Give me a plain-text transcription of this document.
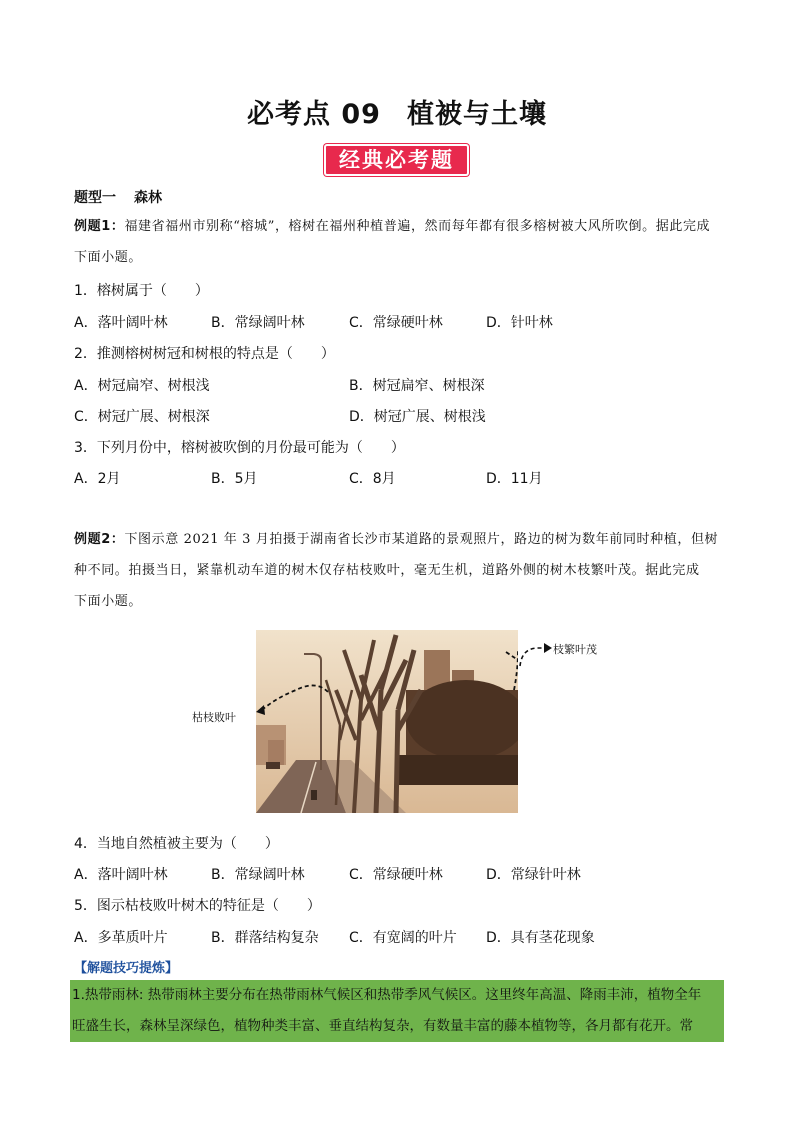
必考点 09 植被与土壤
经典必考题
题型一 森林
例题1：福建省福州市别称“榕城”，榕树在福州种植普遍，然而每年都有很多榕树被大风所吹倒。据此完成
下面小题。
1．榕树属于（　　）
A．落叶阔叶林	B．常绿阔叶林	C．常绿硬叶林	D．针叶林
2．推测榕树树冠和树根的特点是（　　）
A．树冠扁窄、树根浅	B．树冠扁窄、树根深
C．树冠广展、树根深	D．树冠广展、树根浅
3．下列月份中，榕树被吹倒的月份最可能为（　　）
A．2月	B．5月	C．8月	D．11月
例题2：下图示意 2021 年 3 月拍摄于湖南省长沙市某道路的景观照片，路边的树为数年前同时种植，但树
种不同。拍摄当日，紧靠机动车道的树木仅存枯枝败叶，毫无生机，道路外侧的树木枝繁叶茂。据此完成
下面小题。
枯枝败叶
枝繁叶茂
4．当地自然植被主要为（　　）
A．落叶阔叶林	B．常绿阔叶林	C．常绿硬叶林	D．常绿针叶林
5．图示枯枝败叶树木的特征是（　　）
A．多革质叶片	B．群落结构复杂 C．有宽阔的叶片 D．具有茎花现象
【解题技巧提炼】
1.热带雨林: 热带雨林主要分布在热带雨林气候区和热带季风气候区。这里终年高温、降雨丰沛，植物全年
旺盛生长，森林呈深绿色，植物种类丰富、垂直结构复杂，有数量丰富的藤本植物等，各月都有花开。常
